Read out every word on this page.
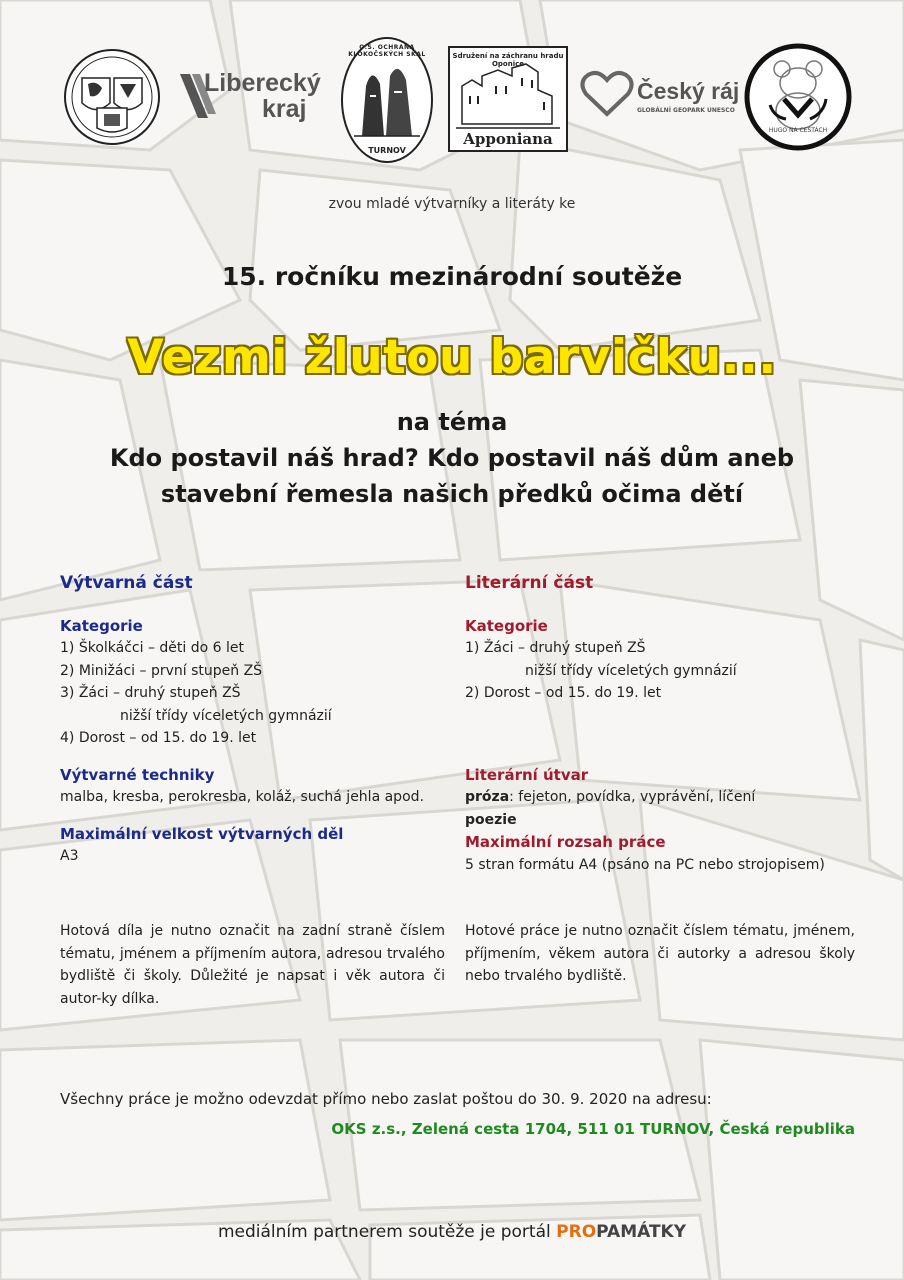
Liberecký
kraj
O.S. OCHRANA KLOKOČSKÝCH SKAL
TURNOV
Sdružení na záchranu hradu Oponice
Apponiana
Český ráj
GLOBÁLNÍ GEOPARK UNESCO
HUGO NA CESTÁCH
zvou mladé výtvarníky a literáty ke
15. ročníku mezinárodní soutěže
Vezmi žlutou barvičku...
na téma
Kdo postavil náš hrad? Kdo postavil náš dům aneb
stavební řemesla našich předků očima dětí
Výtvarná část
Kategorie
1) Školkáčci – děti do 6 let
2) Minižáci – první stupeň ZŠ
3) Žáci – druhý stupeň ZŠ
nižší třídy víceletých gymnázií
4) Dorost – od 15. do 19. let
Výtvarné techniky
malba, kresba, perokresba, koláž, suchá jehla apod.
Maximální velkost výtvarných děl
A3
Hotová díla je nutno označit na zadní straně číslem tématu, jménem a příjmením autora, adresou trvalého bydliště či školy. Důležité je napsat i věk autora či autor-ky dílka.
Literární část
Kategorie
1) Žáci – druhý stupeň ZŠ
nižší třídy víceletých gymnázií
2) Dorost – od 15. do 19. let
Literární útvar
próza: fejeton, povídka, vyprávění, líčení
poezie
Maximální rozsah práce
5 stran formátu A4 (psáno na PC nebo strojopisem)
Hotové práce je nutno označit číslem tématu, jménem, příjmením, věkem autora či autorky a adresou školy nebo trvalého bydliště.
Všechny práce je možno odevzdat přímo nebo zaslat poštou do 30. 9. 2020 na adresu:
OKS z.s., Zelená cesta 1704, 511 01 TURNOV, Česká republika
mediálním partnerem soutěže je portál PROPAMÁTKY
